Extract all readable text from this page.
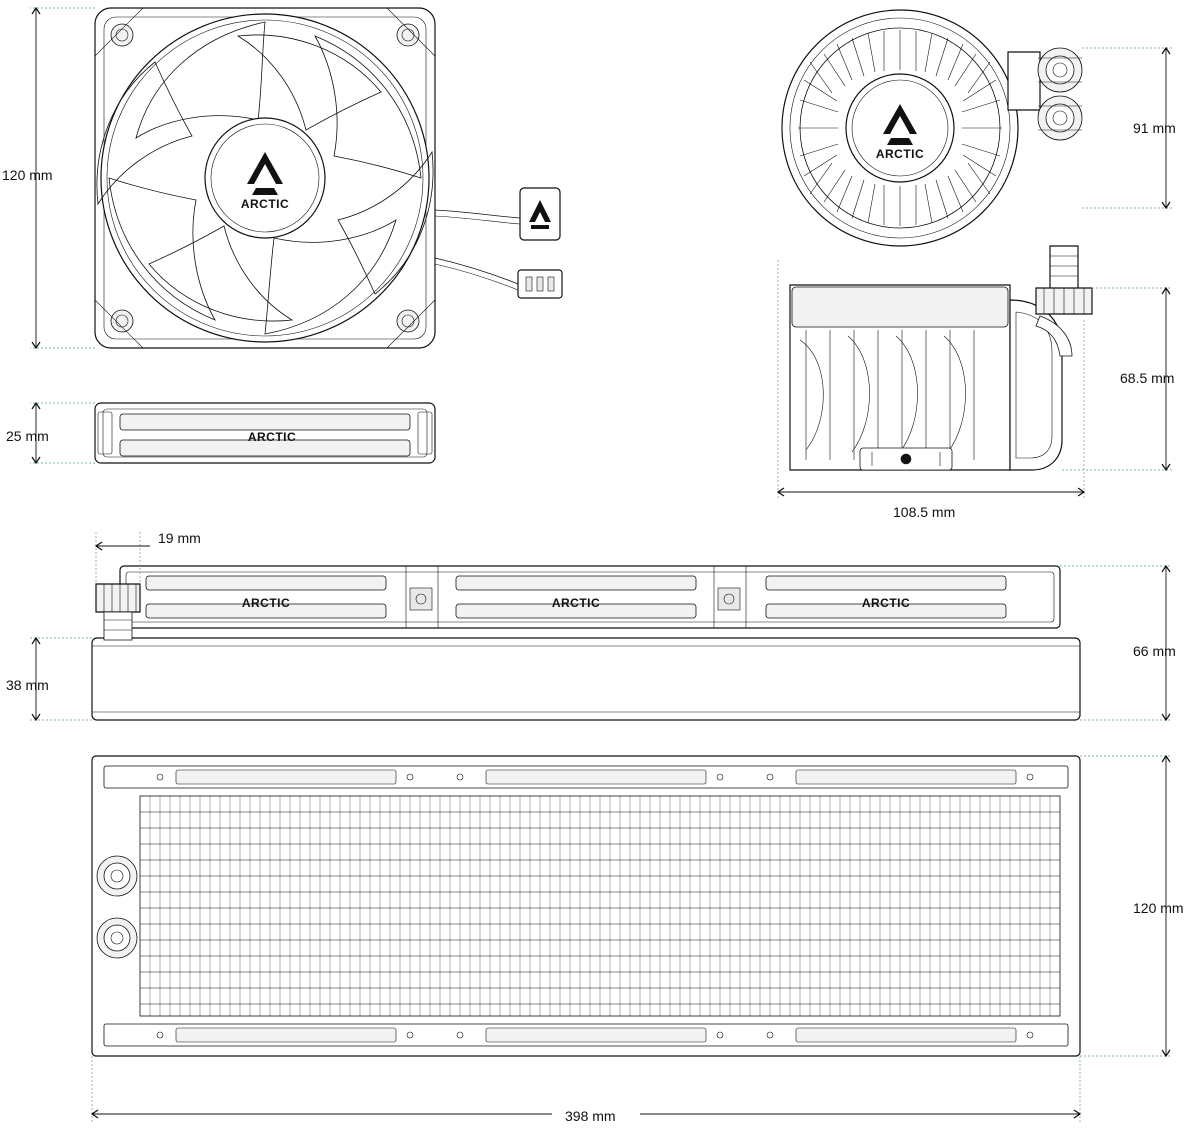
120 mm
25 mm
91 mm
68.5 mm
108.5 mm
19 mm
38 mm
66 mm
120 mm
398 mm
ARCTIC
ARCTIC
ARCTIC
ARCTIC	ARCTIC	ARCTIC
